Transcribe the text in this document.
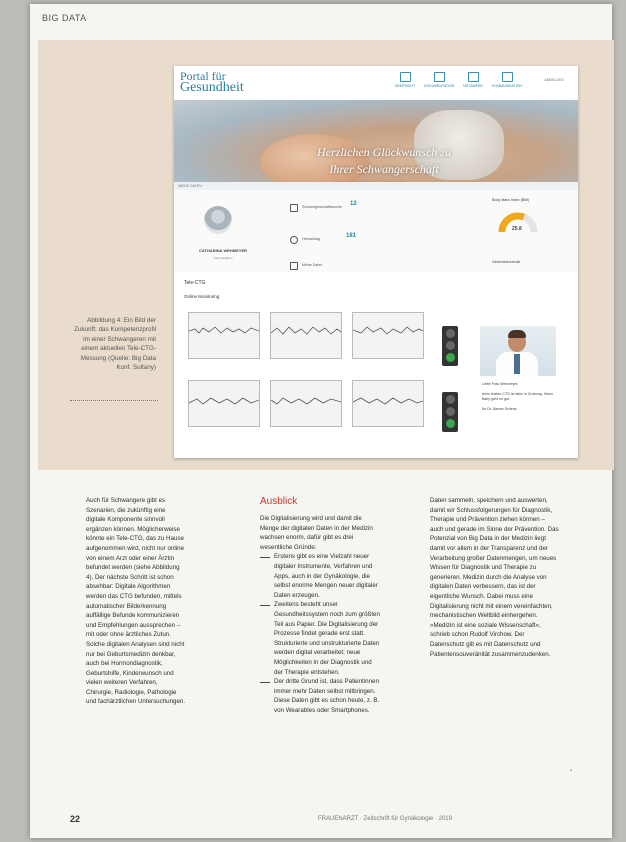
BIG DATA
Abbildung 4: Ein Bild der Zukunft: das Kompetenzprofil im einer Schwangeren mit einem aktuellen Tele-CTG-Messung (Quelle: Big Data Konf. Sultany)
Portal für
Gesundheit	ÜBERSICHT	DOKUMENTATION	NETZWERK	KOMMUNIKATION
ABMELDEN
Herzlichen Glückwunsch zu
Ihrer Schwangerschaft
MEINE DATEN
CATHARINA WEHMEYER
Geburtsdatum
Schwangerschaftswoche 12
Herzschlag	181
Meine Daten
Body Mass Index (BMI)
25.8
Gewichtskontrolle
Tele-CTG
Online Monitoring

Liebe Frau Wehmeyer,

beim letzten CTG ist alles in Ordnung. Ihrem Baby geht es gut.

Ihr Dr. Alexan Schenk

Auch für Schwangere gibt es Szenarien, die zukünftig eine digitale Komponente sinnvoll ergänzen können. Möglicherweise könnte ein Tele-CTG, das zu Hause aufgenommen wird, nicht nur online von einem Arzt oder einer Ärztin befundet werden (siehe Abbildung 4). Der nächste Schritt ist schon absehbar: Digitale Algorithmen werden das CTG befunden, mittels automatischer Bilderkennung auffällige Befunde kommunizieren und Empfehlungen aussprechen – mit oder ohne ärztliches Zutun. Solche digitalen Analysen sind nicht nur bei Geburtsmedizin denkbar, auch bei Hormondiagnostik, Geburtshilfe, Kinderwunsch und vielen weiteren Verfahren, Chirurgie, Radiologie, Pathologie und fachärztlichen Untersuchungen.

Ausblick

Die Digitalisierung wird und damit die Menge der digitalen Daten in der Medizin wachsen enorm, dafür gibt es drei wesentliche Gründe:

Erstens gibt es eine Vielzahl neuer digitaler Instrumente, Verfahren und Apps, auch in der Gynäkologie, die selbst enorme Mengen neuer digitaler Daten erzeugen.

Zweitens besteht unser Gesundheitssystem noch zum größten Teil aus Papier. Die Digitalisierung der Prozesse findet gerade erst statt. Strukturierte und unstrukturierte Daten werden digital verarbeitet; neue Möglichkeiten in der Diagnostik und der Therapie entstehen.

Der dritte Grund ist, dass Patientinnen immer mehr Daten selbst mitbringen. Diese Daten gibt es schon heute, z. B. von Wearables oder Smartphones.

Daten sammeln, speichern und auswerten, damit wir Schlussfolgerungen für Diagnostik, Therapie und Prävention ziehen können – auch und gerade im Sinne der Prävention. Das Potenzial von Big Data in der Medizin liegt damit vor allem in der Transparenz und der Verarbeitung großer Datenmengen, um neues Wissen für Diagnostik und Therapie zu generieren. Medizin durch die Analyse von digitalen Daten verbessern, das ist der eigentliche Wunsch. Dabei muss eine Digitalisierung nicht mit einem vereinfachten, mechanistischen Weltbild einhergehen. »Medizin ist eine soziale Wissenschaft«, schrieb schon Rudolf Virchow. Der Datenschutz gilt es mit Datenschutz und Patientensouveränität zusammenzudenken.

▪
22	FRAUENARZT · Zeitschrift für Gynäkologie · 2019
